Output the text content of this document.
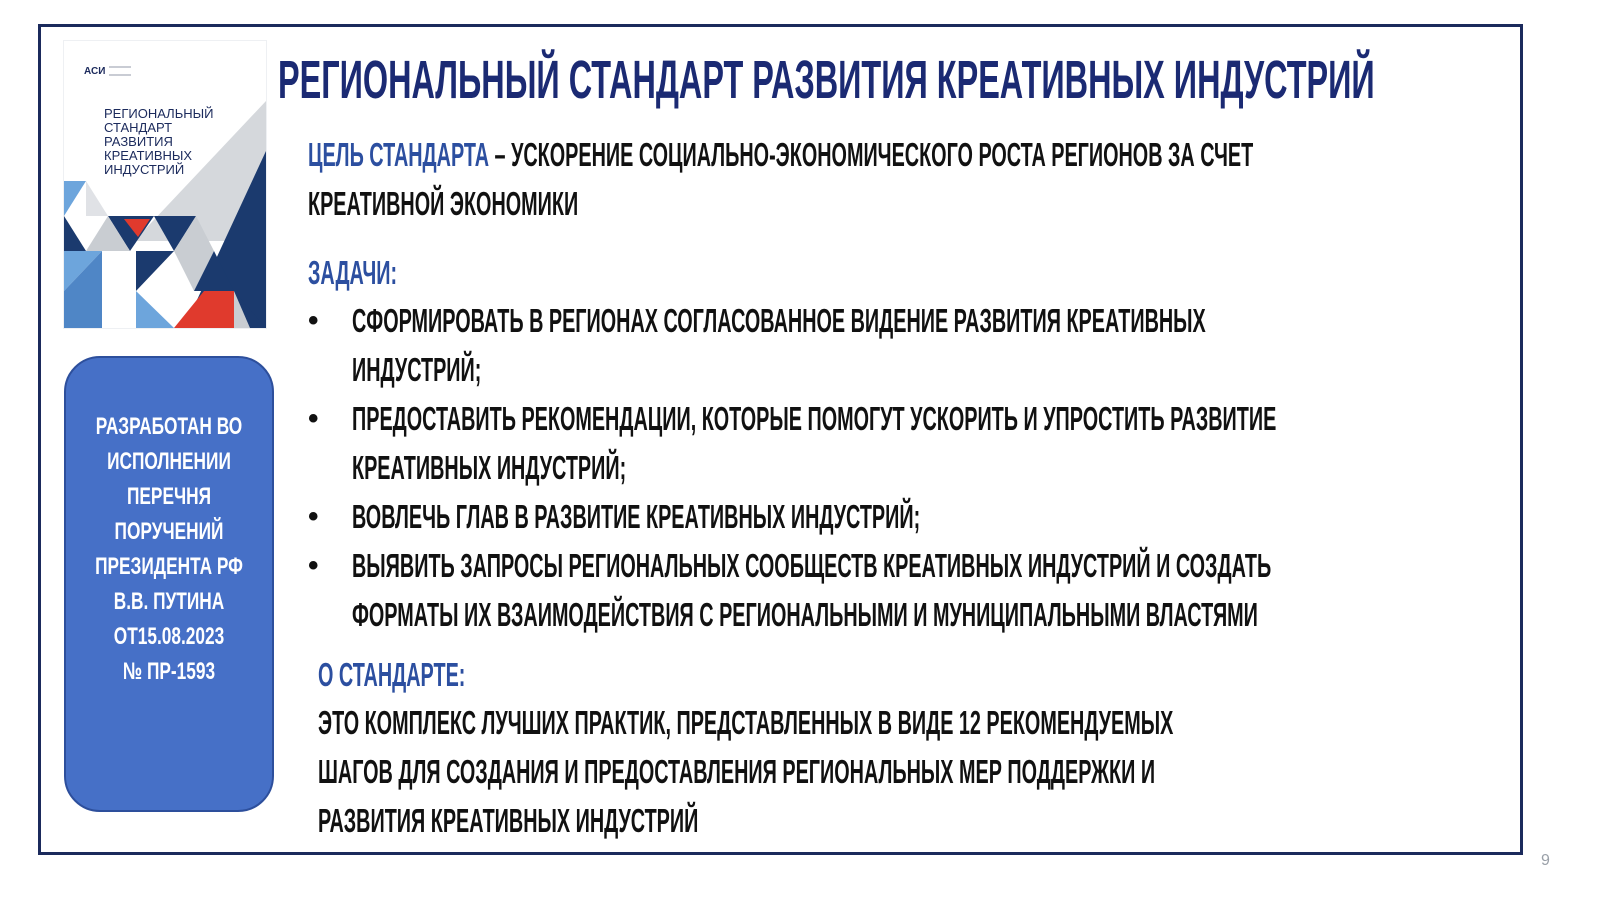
АСИ
РЕГИОНАЛЬНЫЙ
СТАНДАРТ
РАЗВИТИЯ
КРЕАТИВНЫХ
ИНДУСТРИЙ
РАЗРАБОТАН ВО
ИСПОЛНЕНИИ
ПЕРЕЧНЯ
ПОРУЧЕНИЙ
ПРЕЗИДЕНТА РФ
В.В. ПУТИНА
ОТ15.08.2023
№ ПР-1593
РЕГИОНАЛЬНЫЙ СТАНДАРТ РАЗВИТИЯ КРЕАТИВНЫХ ИНДУСТРИЙ
ЦЕЛЬ СТАНДАРТА – УСКОРЕНИЕ СОЦИАЛЬНО-ЭКОНОМИЧЕСКОГО РОСТА РЕГИОНОВ ЗА СЧЕТ
КРЕАТИВНОЙ ЭКОНОМИКИ
ЗАДАЧИ:
•	СФОРМИРОВАТЬ В РЕГИОНАХ СОГЛАСОВАННОЕ ВИДЕНИЕ РАЗВИТИЯ КРЕАТИВНЫХ
ИНДУСТРИЙ;
•	ПРЕДОСТАВИТЬ РЕКОМЕНДАЦИИ, КОТОРЫЕ ПОМОГУТ УСКОРИТЬ И УПРОСТИТЬ РАЗВИТИЕ
КРЕАТИВНЫХ ИНДУСТРИЙ;
•	ВОВЛЕЧЬ ГЛАВ В РАЗВИТИЕ КРЕАТИВНЫХ ИНДУСТРИЙ;
•	ВЫЯВИТЬ ЗАПРОСЫ РЕГИОНАЛЬНЫХ СООБЩЕСТВ КРЕАТИВНЫХ ИНДУСТРИЙ И СОЗДАТЬ
ФОРМАТЫ ИХ ВЗАИМОДЕЙСТВИЯ С РЕГИОНАЛЬНЫМИ И МУНИЦИПАЛЬНЫМИ ВЛАСТЯМИ
О СТАНДАРТЕ:
ЭТО КОМПЛЕКС ЛУЧШИХ ПРАКТИК, ПРЕДСТАВЛЕННЫХ В ВИДЕ 12 РЕКОМЕНДУЕМЫХ
ШАГОВ ДЛЯ СОЗДАНИЯ И ПРЕДОСТАВЛЕНИЯ РЕГИОНАЛЬНЫХ МЕР ПОДДЕРЖКИ И
РАЗВИТИЯ КРЕАТИВНЫХ ИНДУСТРИЙ
9
